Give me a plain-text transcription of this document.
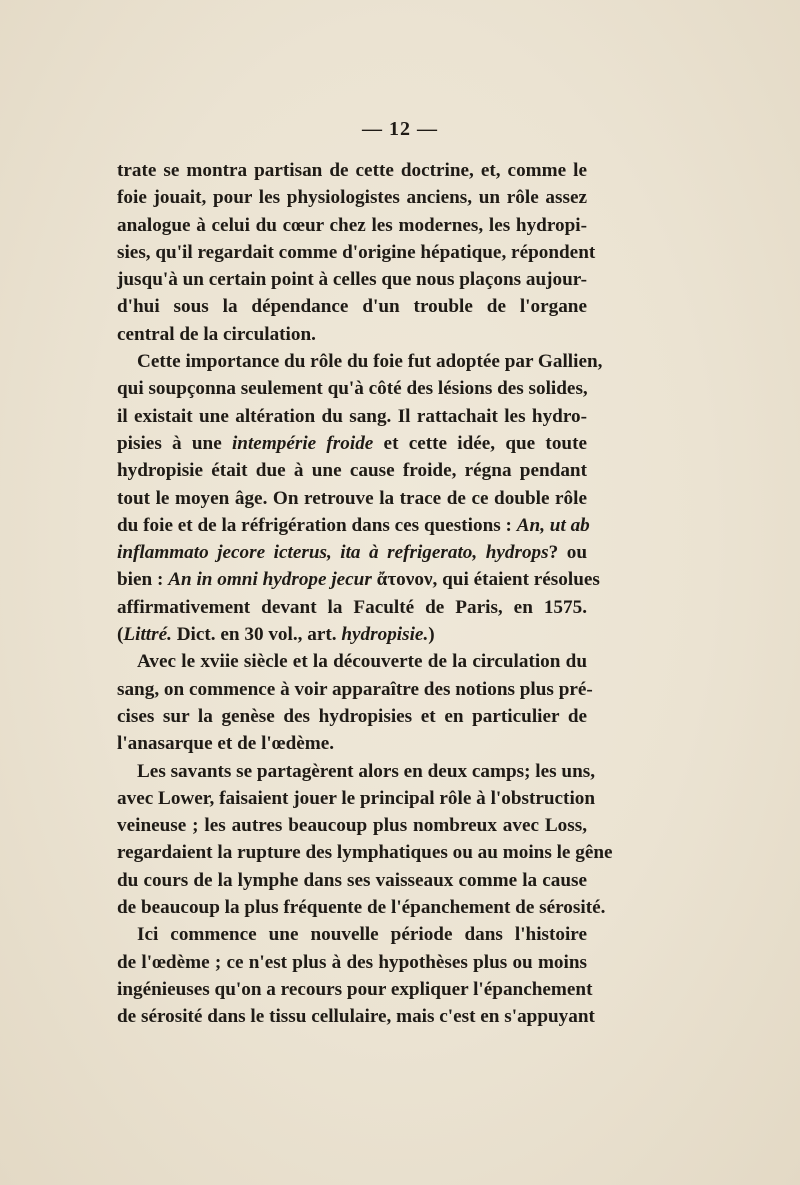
— 12 —
trate se montra partisan de cette doctrine, et, comme le
foie jouait, pour les physiologistes anciens, un rôle assez
analogue à celui du cœur chez les modernes, les hydropi-
sies, qu'il regardait comme d'origine hépatique, répondent
jusqu'à un certain point à celles que nous plaçons aujour-
d'hui sous la dépendance d'un trouble de l'organe
central de la circulation.
Cette importance du rôle du foie fut adoptée par Gallien,
qui soupçonna seulement qu'à côté des lésions des solides,
il existait une altération du sang. Il rattachait les hydro-
pisies à une intempérie froide et cette idée, que toute
hydropisie était due à une cause froide, régna pendant
tout le moyen âge. On retrouve la trace de ce double rôle
du foie et de la réfrigération dans ces questions : An, ut ab
inflammato jecore icterus, ita à refrigerato, hydrops? ou
bien : An in omni hydrope jecur ἄτονον, qui étaient résolues
affirmativement devant la Faculté de Paris, en 1575.
(Littré. Dict. en 30 vol., art. hydropisie.)
Avec le xviie siècle et la découverte de la circulation du
sang, on commence à voir apparaître des notions plus pré-
cises sur la genèse des hydropisies et en particulier de
l'anasarque et de l'œdème.
Les savants se partagèrent alors en deux camps; les uns,
avec Lower, faisaient jouer le principal rôle à l'obstruction
veineuse ; les autres beaucoup plus nombreux avec Loss,
regardaient la rupture des lymphatiques ou au moins le gêne
du cours de la lymphe dans ses vaisseaux comme la cause
de beaucoup la plus fréquente de l'épanchement de sérosité.
Ici commence une nouvelle période dans l'histoire
de l'œdème ; ce n'est plus à des hypothèses plus ou moins
ingénieuses qu'on a recours pour expliquer l'épanchement
de sérosité dans le tissu cellulaire, mais c'est en s'appuyant
